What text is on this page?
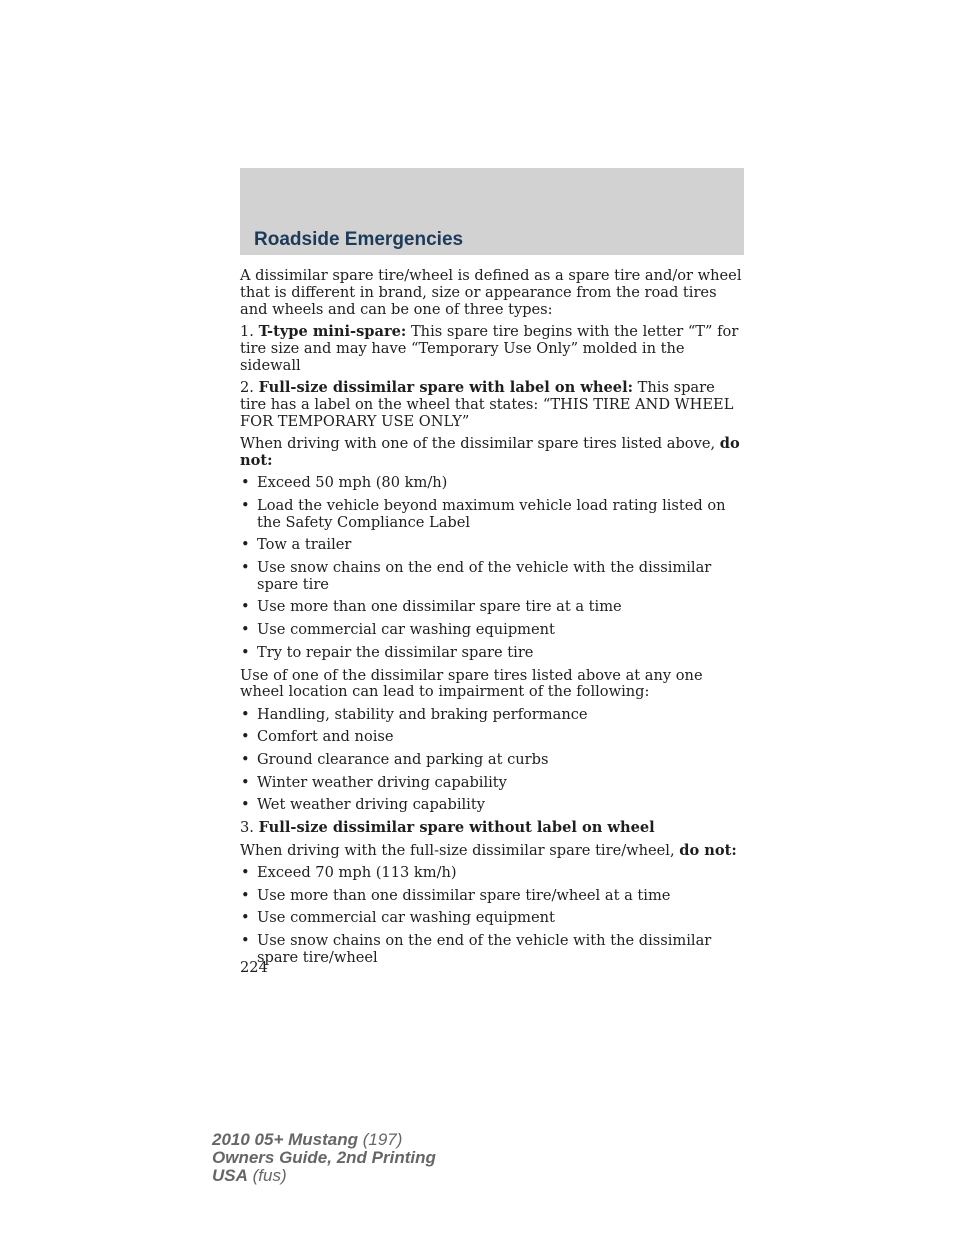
Roadside Emergencies

A dissimilar spare tire/wheel is defined as a spare tire and/or wheel that is different in brand, size or appearance from the road tires and wheels and can be one of three types:

1. T-type mini-spare: This spare tire begins with the letter “T” for tire size and may have “Temporary Use Only” molded in the sidewall

2. Full-size dissimilar spare with label on wheel: This spare tire has a label on the wheel that states: “THIS TIRE AND WHEEL FOR TEMPORARY USE ONLY”

When driving with one of the dissimilar spare tires listed above, do not:

• Exceed 50 mph (80 km/h)
• Load the vehicle beyond maximum vehicle load rating listed on the Safety Compliance Label
• Tow a trailer
• Use snow chains on the end of the vehicle with the dissimilar spare tire
• Use more than one dissimilar spare tire at a time
• Use commercial car washing equipment
• Try to repair the dissimilar spare tire

Use of one of the dissimilar spare tires listed above at any one wheel location can lead to impairment of the following:

• Handling, stability and braking performance
• Comfort and noise
• Ground clearance and parking at curbs
• Winter weather driving capability
• Wet weather driving capability

3. Full-size dissimilar spare without label on wheel

When driving with the full-size dissimilar spare tire/wheel, do not:

• Exceed 70 mph (113 km/h)
• Use more than one dissimilar spare tire/wheel at a time
• Use commercial car washing equipment
• Use snow chains on the end of the vehicle with the dissimilar spare tire/wheel
224
2010 05+ Mustang (197)
Owners Guide, 2nd Printing
USA (fus)
